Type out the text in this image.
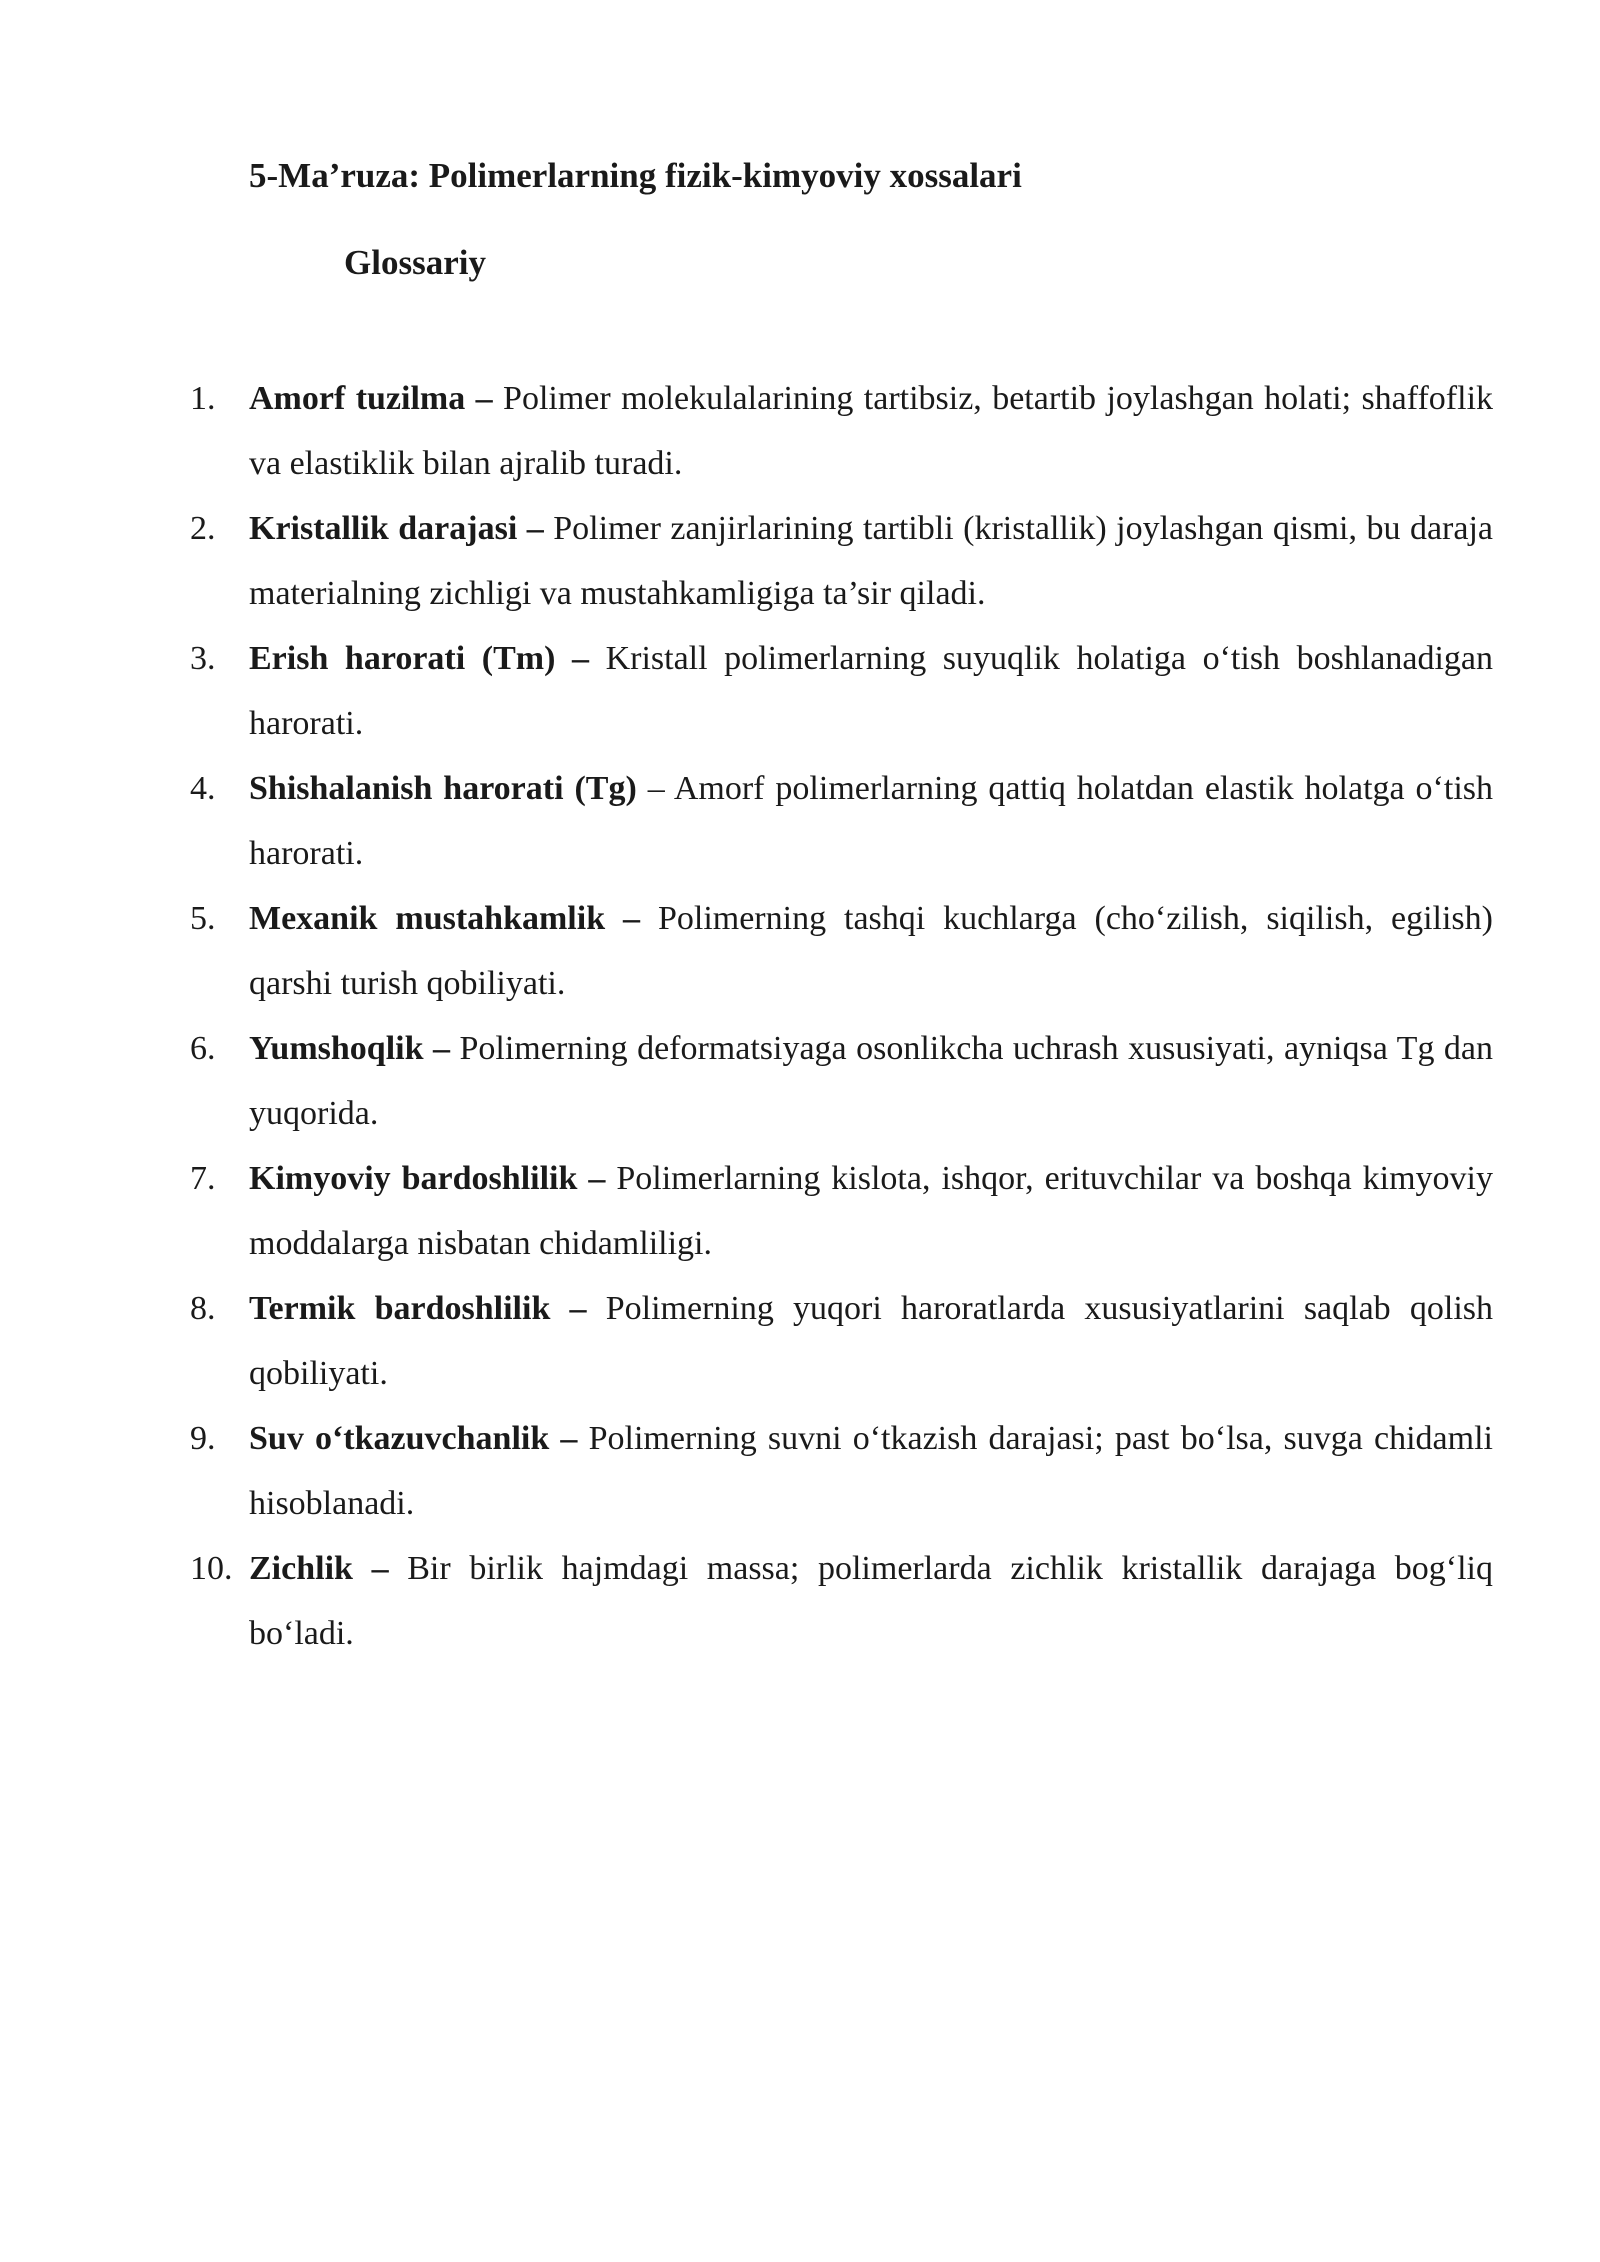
5-Ma’ruza: Polimerlarning fizik-kimyoviy xossalari
Glossariy
1. Amorf tuzilma – Polimer molekulalarining tartibsiz, betartib joylashgan holati; shaffoflik va elastiklik bilan ajralib turadi.
2. Kristallik darajasi – Polimer zanjirlarining tartibli (kristallik) joylashgan qismi, bu daraja materialning zichligi va mustahkamligiga ta’sir qiladi.
3. Erish harorati (Tm) – Kristall polimerlarning suyuqlik holatiga o‘tish boshlanadigan harorati.
4. Shishalanish harorati (Tg) – Amorf polimerlarning qattiq holatdan elastik holatga o‘tish harorati.
5. Mexanik mustahkamlik – Polimerning tashqi kuchlarga (cho‘zilish, siqilish, egilish) qarshi turish qobiliyati.
6. Yumshoqlik – Polimerning deformatsiyaga osonlikcha uchrash xususiyati, ayniqsa Tg dan yuqorida.
7. Kimyoviy bardoshlilik – Polimerlarning kislota, ishqor, erituvchilar va boshqa kimyoviy moddalarga nisbatan chidamliligi.
8. Termik bardoshlilik – Polimerning yuqori haroratlarda xususiyatlarini saqlab qolish qobiliyati.
9. Suv o‘tkazuvchanlik – Polimerning suvni o‘tkazish darajasi; past bo‘lsa, suvga chidamli hisoblanadi.
10. Zichlik – Bir birlik hajmdagi massa; polimerlarda zichlik kristallik darajaga bog‘liq bo‘ladi.
